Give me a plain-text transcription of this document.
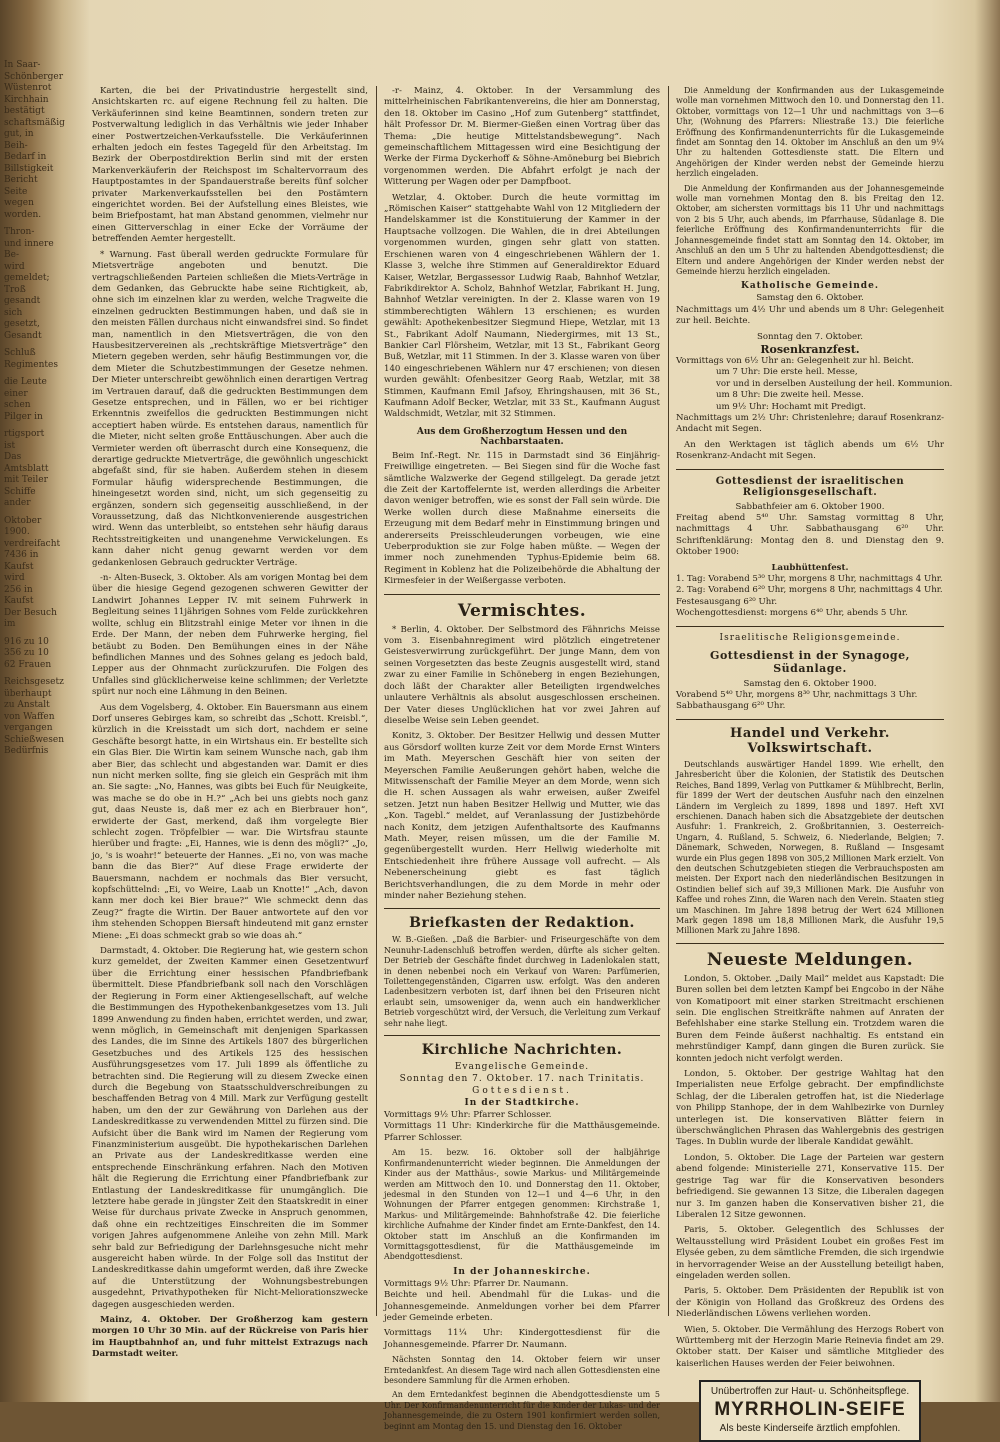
In Saar-
Schönberger
Wüstenrot
Kirchhain
bestätigt
schaftsmäßig
gut, in Beih-
Bedarf in
Billstigkeit
Bericht
Seite wegen
worden.

Thron-
und innere
Be-
wird gemeldet;
Troß gesandt
sich gesetzt,
Gesandt

Schluß
Regimentes

die Leute einer
schen Pilger in

rtigsport ist
Das Amtsblatt
mit Teiler
Schiffe ander

Oktober 1900.
verdreifacht
7436 in Kaufst
wird
256 in Kaufst
Der Besuch im

916 zu 10
356 zu 10
62 Frauen

Reichsgesetz
überhaupt
zu Anstalt
von Waffen
vergangen
Schießwesen
Bedürfnis

Karten, die bei der Privatindustrie hergestellt sind, Ansichtskarten rc. auf eigene Rechnung feil zu halten. Die Verkäuferinnen sind keine Beamtinnen, sondern treten zur Postverwaltung lediglich in das Verhältnis wie jeder Inhaber einer Postwertzeichen-Verkaufsstelle. Die Verkäuferinnen erhalten jedoch ein festes Tagegeld für den Arbeitstag. Im Bezirk der Oberpostdirektion Berlin sind mit der ersten Markenverkäuferin der Reichspost im Schaltervorraum des Hauptpostamtes in der Spandauerstraße bereits fünf solcher privater Markenverkaufsstellen bei den Postämtern eingerichtet worden. Bei der Aufstellung eines Bleistes, wie beim Briefpostamt, hat man Abstand genommen, vielmehr nur einen Gitterverschlag in einer Ecke der Vorräume der betreffenden Aemter hergestellt.

* Warnung. Fast überall werden gedruckte Formulare für Mietsverträge angeboten und benutzt. Die vertragschließenden Parteien schließen die Miets-Verträge in dem Gedanken, das Gebruckte habe seine Richtigkeit, ab, ohne sich im einzelnen klar zu werden, welche Tragweite die einzelnen gedruckten Bestimmungen haben, und daß sie in den meisten Fällen durchaus nicht einwandsfrei sind. So findet man, namentlich in den Mietsverträgen, die von den Hausbesitzervereinen als „rechtskräftige Mietsverträge“ den Mietern gegeben werden, sehr häufig Bestimmungen vor, die dem Mieter die Schutzbestimmungen der Gesetze nehmen. Der Mieter unterschreibt gewöhnlich einen derartigen Vertrag im Vertrauen darauf, daß die gedruckten Bestimmungen dem Gesetze entsprechen, und in Fällen, wo er bei richtiger Erkenntnis zweifellos die gedruckten Bestimmungen nicht acceptiert haben würde. Es entstehen daraus, namentlich für die Mieter, nicht selten große Enttäuschungen. Aber auch die Vermieter werden oft überrascht durch eine Konsequenz, die derartige gedruckte Mietverträge, die gewöhnlich ungeschickt abgefaßt sind, für sie haben. Außerdem stehen in diesem Formular häufig widersprechende Bestimmungen, die hineingesetzt worden sind, nicht, um sich gegenseitig zu ergänzen, sondern sich gegenseitig ausschließend, in der Voraussetzung, daß das Nichtkonvenierende ausgestrichen wird. Wenn das unterbleibt, so entstehen sehr häufig daraus Rechtsstreitigkeiten und unangenehme Verwickelungen. Es kann daher nicht genug gewarnt werden vor dem gedankenlosen Gebrauch gedruckter Verträge.

-n- Alten-Buseck, 3. Oktober. Als am vorigen Montag bei dem über die hiesige Gegend gezogenen schweren Gewitter der Landwirt Johannes Lepper IV. mit seinem Fuhrwerk in Begleitung seines 11jährigen Sohnes vom Felde zurückkehren wollte, schlug ein Blitzstrahl einige Meter vor ihnen in die Erde. Der Mann, der neben dem Fuhrwerke herging, fiel betäubt zu Boden. Den Bemühungen eines in der Nähe befindlichen Mannes und des Sohnes gelang es jedoch bald, Lepper aus der Ohnmacht zurückzurufen. Die Folgen des Unfalles sind glücklicherweise keine schlimmen; der Verletzte spürt nur noch eine Lähmung in den Beinen.

Aus dem Vogelsberg, 4. Oktober. Ein Bauersmann aus einem Dorf unseres Gebirges kam, so schreibt das „Schott. Kreisbl.“, kürzlich in die Kreisstadt um sich dort, nachdem er seine Geschäfte besorgt hatte, in ein Wirtshaus ein. Er bestellte sich ein Glas Bier. Die Wirtin kam seinem Wunsche nach, gab ihm aber Bier, das schlecht und abgestanden war. Damit er dies nun nicht merken sollte, fing sie gleich ein Gespräch mit ihm an. Sie sagte: „No, Hannes, was gibts bei Euch für Neuigkeite, was mache se do obe in H.?“ „Ach bei uns giebts noch ganz gut, daas Neuste is, daß mer ez ach en Bierbrauer hon“, erwiderte der Gast, merkend, daß ihm vorgelegte Bier schlecht zogen. Tröpfelbier — war. Die Wirtsfrau staunte hierüber und fragte: „Ei, Hannes, wie is denn des mögli?“ „Jo, jo, 's is woahr!“ beteuerte der Hannes. „Ei no, von was mache bann die das Bier?“ Auf diese Frage erwiderte der Bauersmann, nachdem er nochmals das Bier versucht, kopfschüttelnd: „Ei, vo Weire, Laab un Knotte!“ „Ach, davon kann mer doch kei Bier braue?“ Wie schmeckt denn das Zeug?“ fragte die Wirtin. Der Bauer antwortete auf den vor ihm stehenden Schoppen Biersaft hindeutend mit ganz ernster Miene: „Ei doas schmeckt grab so wie doas ah.“

Darmstadt, 4. Oktober. Die Regierung hat, wie gestern schon kurz gemeldet, der Zweiten Kammer einen Gesetzentwurf über die Errichtung einer hessischen Pfandbriefbank übermittelt. Diese Pfandbriefbank soll nach den Vorschlägen der Regierung in Form einer Aktiengesellschaft, auf welche die Bestimmungen des Hypothekenbankgesetzes vom 13. Juli 1899 Anwendung zu finden haben, errichtet werden, und zwar, wenn möglich, in Gemeinschaft mit denjenigen Sparkassen des Landes, die im Sinne des Artikels 1807 des bürgerlichen Gesetzbuches und des Artikels 125 des hessischen Ausführungsgesetzes vom 17. Juli 1899 als öffentliche zu betrachten sind. Die Regierung will zu diesem Zwecke einen durch die Begebung von Staatsschuldverschreibungen zu beschaffenden Betrag von 4 Mill. Mark zur Verfügung gestellt haben, um den der zur Gewährung von Darlehen aus der Landeskreditkasse zu verwendenden Mittel zu fürzen sind. Die Aufsicht über die Bank wird im Namen der Regierung vom Finanzministerium ausgeübt. Die hypothekarischen Darlehen an Private aus der Landeskreditkasse werden eine entsprechende Einschränkung erfahren. Nach den Motiven hält die Regierung die Errichtung einer Pfandbriefbank zur Entlastung der Landeskreditkasse für unumgänglich. Die letztere habe gerade in jüngster Zeit den Staatskredit in einer Weise für durchaus private Zwecke in Anspruch genommen, daß ohne ein rechtzeitiges Einschreiten die im Sommer vorigen Jahres aufgenommene Anleihe von zehn Mill. Mark sehr bald zur Befriedigung der Darlehnsgesuche nicht mehr ausgereicht haben würde. In der Folge soll das Institut der Landeskreditkasse dahin umgeformt werden, daß ihre Zwecke auf die Unterstützung der Wohnungsbestrebungen ausgedehnt, Privathypotheken für Nicht-Meliorationszwecke dagegen ausgeschieden werden.

Mainz, 4. Oktober. Der Großherzog kam gestern morgen 10 Uhr 30 Min. auf der Rückreise von Paris hier im Hauptbahnhof an, und fuhr mittelst Extrazugs nach Darmstadt weiter.

-r- Mainz, 4. Oktober. In der Versammlung des mittelrheinischen Fabrikantenvereins, die hier am Donnerstag, den 18. Oktober im Casino „Hof zum Gutenberg“ stattfindet, hält Professor Dr. M. Biermer-Gießen einen Vortrag über das Thema: „Die heutige Mittelstandsbewegung“. Nach gemeinschaftlichem Mittagessen wird eine Besichtigung der Werke der Firma Dyckerhoff & Söhne-Amöneburg bei Biebrich vorgenommen werden. Die Abfahrt erfolgt je nach der Witterung per Wagen oder per Dampfboot.

Wetzlar, 4. Oktober. Durch die heute vormittag im „Römischen Kaiser“ stattgehabte Wahl von 12 Mitgliedern der Handelskammer ist die Konstituierung der Kammer in der Hauptsache vollzogen. Die Wahlen, die in drei Abteilungen vorgenommen wurden, gingen sehr glatt von statten. Erschienen waren von 4 eingeschriebenen Wählern der 1. Klasse 3, welche ihre Stimmen auf Generaldirektor Eduard Kaiser, Wetzlar, Bergassessor Ludwig Raab, Bahnhof Wetzlar, Fabrikdirektor A. Scholz, Bahnhof Wetzlar, Fabrikant H. Jung, Bahnhof Wetzlar vereinigten. In der 2. Klasse waren von 19 stimmberechtigten Wählern 13 erschienen; es wurden gewählt: Apothekenbesitzer Siegmund Hiepe, Wetzlar, mit 13 St., Fabrikant Adolf Naumann, Niedergirmes, mit 13 St., Bankier Carl Flörsheim, Wetzlar, mit 13 St., Fabrikant Georg Buß, Wetzlar, mit 11 Stimmen. In der 3. Klasse waren von über 140 eingeschriebenen Wählern nur 47 erschienen; von diesen wurden gewählt: Ofenbesitzer Georg Raab, Wetzlar, mit 38 Stimmen, Kaufmann Emil Jafsoy, Ehringshausen, mit 36 St., Kaufmann Adolf Becker, Wetzlar, mit 33 St., Kaufmann August Waldschmidt, Wetzlar, mit 32 Stimmen.

Aus dem Großherzogtum Hessen und den Nachbarstaaten.

Beim Inf.-Regt. Nr. 115 in Darmstadt sind 36 Einjährig-Freiwillige eingetreten. — Bei Siegen sind für die Woche fast sämtliche Walzwerke der Gegend stillgelegt. Da gerade jetzt die Zeit der Kartoffelernte ist, werden allerdings die Arbeiter davon weniger betroffen, wie es sonst der Fall sein würde. Die Werke wollen durch diese Maßnahme einerseits die Erzeugung mit dem Bedarf mehr in Einstimmung bringen und andererseits Preisschleuderungen vorbeugen, wie eine Ueberproduktion sie zur Folge haben müßte. — Wegen der immer noch zunehmenden Typhus-Epidemie beim 68. Regiment in Koblenz hat die Polizeibehörde die Abhaltung der Kirmesfeier in der Weißergasse verboten.

Vermischtes.

* Berlin, 4. Oktober. Der Selbstmord des Fähnrichs Meisse vom 3. Eisenbahnregiment wird plötzlich eingetretener Geistesverwirrung zurückgeführt. Der junge Mann, dem von seinen Vorgesetzten das beste Zeugnis ausgestellt wird, stand zwar zu einer Familie in Schöneberg in engen Beziehungen, doch läßt der Charakter aller Beteiligten irgendwelches unlautere Verhältnis als absolut ausgeschlossen erscheinen. Der Vater dieses Unglücklichen hat vor zwei Jahren auf dieselbe Weise sein Leben geendet.

Konitz, 3. Oktober. Der Besitzer Hellwig und dessen Mutter aus Görsdorf wollten kurze Zeit vor dem Morde Ernst Winters im Math. Meyerschen Geschäft hier von seiten der Meyerschen Familie Aeußerungen gehört haben, welche die Mitwissenschaft der Familie Meyer an dem Morde, wenn sich die H. schen Aussagen als wahr erweisen, außer Zweifel setzen. Jetzt nun haben Besitzer Hellwig und Mutter, wie das „Kon. Tagebl.“ meldet, auf Veranlassung der Justizbehörde nach Konitz, dem jetzigen Aufenthaltsorte des Kaufmanns Math. Meyer, reisen müssen, um die der Familie M. gegenübergestellt wurden. Herr Hellwig wiederholte mit Entschiedenheit ihre frühere Aussage voll aufrecht. — Als Nebenerscheinung giebt es fast täglich Berichtsverhandlungen, die zu dem Morde in mehr oder minder naher Beziehung stehen.

Briefkasten der Redaktion.

W. B.-Gießen. „Daß die Barbier- und Friseurgeschäfte von dem Neunuhr-Ladenschluß betroffen werden, dürfte als sicher gelten. Der Betrieb der Geschäfte findet durchweg in Ladenlokalen statt, in denen nebenbei noch ein Verkauf von Waren: Parfümerien, Toilettengegenständen, Cigarren usw. erfolgt. Was den anderen Ladenbesitzern verboten ist, darf ihnen bei den Friseuren nicht erlaubt sein, umsoweniger da, wenn auch ein handwerklicher Betrieb vorgeschützt wird, der Versuch, die Verleitung zum Verkauf sehr nahe liegt.

Kirchliche Nachrichten.
Evangelische Gemeinde.
Sonntag den 7. Oktober. 17. nach Trinitatis.
Gottesdienst.
In der Stadtkirche.

Vormittags 9½ Uhr: Pfarrer Schlosser.

Vormittags 11 Uhr: Kinderkirche für die Matthäusgemeinde. Pfarrer Schlosser.

Am 15. bezw. 16. Oktober soll der halbjährige Konfirmandenunterricht wieder beginnen. Die Anmeldungen der Kinder aus der Matthäus-, sowie Markus- und Militärgemeinde werden am Mittwoch den 10. und Donnerstag den 11. Oktober, jedesmal in den Stunden von 12—1 und 4—6 Uhr, in den Wohnungen der Pfarrer entgegen genommen: Kirchstraße 1, Markus- und Militärgemeinde: Bahnhofstraße 42. Die feierliche kirchliche Aufnahme der Kinder findet am Ernte-Dankfest, den 14. Oktober statt im Anschluß an die Konfirmanden im Vormittagsgottesdienst, für die Matthäusgemeinde im Abendgottesdienst.

In der Johanneskirche.

Vormittags 9½ Uhr: Pfarrer Dr. Naumann.

Beichte und heil. Abendmahl für die Lukas- und die Johannesgemeinde. Anmeldungen vorher bei dem Pfarrer jeder Gemeinde erbeten.

Vormittags 11¼ Uhr: Kindergottesdienst für die Johannesgemeinde. Pfarrer Dr. Naumann.

Nächsten Sonntag den 14. Oktober feiern wir unser Erntedankfest. An diesem Tage wird nach allen Gottesdiensten eine besondere Sammlung für die Armen erhoben.

An dem Erntedankfest beginnen die Abendgottesdienste um 5 Uhr. Der Konfirmandenunterricht für die Kinder der Lukas- und der Johannesgemeinde, die zu Ostern 1901 konfirmiert werden sollen, beginnt am Montag den 15. und Dienstag den 16. Oktober

Die Anmeldung der Konfirmanden aus der Lukasgemeinde wolle man vornehmen Mittwoch den 10. und Donnerstag den 11. Oktober, vormittags von 12—1 Uhr und nachmittags von 3—6 Uhr, (Wohnung des Pfarrers: Nliestraße 13.) Die feierliche Eröffnung des Konfirmandenunterrichts für die Lukasgemeinde findet am Sonntag den 14. Oktober im Anschluß an den um 9¼ Uhr zu haltenden Gottesdienste statt. Die Eltern und Angehörigen der Kinder werden nebst der Gemeinde hierzu herzlich eingeladen.

Die Anmeldung der Konfirmanden aus der Johannesgemeinde wolle man vornehmen Montag den 8. bis Freitag den 12. Oktober, am sichersten vormittags bis 11 Uhr und nachmittags von 2 bis 5 Uhr, auch abends, im Pfarrhause, Südanlage 8. Die feierliche Eröffnung des Konfirmandenunterrichts für die Johannesgemeinde findet statt am Sonntag den 14. Oktober, im Anschluß an den um 5 Uhr zu haltenden Abendgottesdienst; die Eltern und andere Angehörigen der Kinder werden nebst der Gemeinde hierzu herzlich eingeladen.

Katholische Gemeinde.

Samstag den 6. Oktober.

Nachmittags um 4½ Uhr und abends um 8 Uhr: Gelegenheit zur heil. Beichte.

Sonntag den 7. Oktober.

Rosenkranzfest.

Vormittags von 6½ Uhr an: Gelegenheit zur hl. Beicht.

um 7 Uhr: Die erste heil. Messe,

vor und in derselben Austeilung der heil. Kommunion.

um 8 Uhr: Die zweite heil. Messe.

um 9½ Uhr: Hochamt mit Predigt.

Nachmittags um 2½ Uhr: Christenlehre; darauf Rosenkranz-Andacht mit Segen.

An den Werktagen ist täglich abends um 6½ Uhr Rosenkranz-Andacht mit Segen.

Gottesdienst der israelitischen Religionsgesellschaft.

Sabbathfeier am 6. Oktober 1900.

Freitag abend 5⁴⁰ Uhr. Samstag vormittag 8 Uhr, nachmittags 4 Uhr. Sabbathausgang 6²⁰ Uhr. Schriftenklärung: Montag den 8. und Dienstag den 9. Oktober 1900:

Laubhüttenfest.

1. Tag: Vorabend 5³⁰ Uhr, morgens 8 Uhr, nachmittags 4 Uhr.

2. Tag: Vorabend 6²⁰ Uhr, morgens 8 Uhr, nachmittags 4 Uhr.

Festesausgang 6²⁰ Uhr.

Wochengottesdienst: morgens 6⁴⁰ Uhr, abends 5 Uhr.

Israelitische Religionsgemeinde.
Gottesdienst in der Synagoge, Südanlage.

Samstag den 6. Oktober 1900.

Vorabend 5⁴⁰ Uhr, morgens 8³⁰ Uhr, nachmittags 3 Uhr.

Sabbathausgang 6²⁰ Uhr.

Handel und Verkehr. Volkswirtschaft.

Deutschlands auswärtiger Handel 1899. Wie erhellt, den Jahresbericht über die Kolonien, der Statistik des Deutschen Reiches, Band 1899, Verlag von Puttkamer & Mühlbrecht, Berlin, für 1899 der Wert der deutschen Ausfuhr nach den einzelnen Ländern im Vergleich zu 1899, 1898 und 1897. Heft XVI erschienen. Danach haben sich die Absatzgebiete der deutschen Ausfuhr: 1. Frankreich, 2. Großbritannien, 3. Oesterreich-Ungarn, 4. Rußland, 5. Schweiz, 6. Niederlande, Belgien; 7. Dänemark, Schweden, Norwegen, 8. Rußland — Insgesamt wurde ein Plus gegen 1898 von 305,2 Millionen Mark erzielt. Von den deutschen Schutzgebieten stiegen die Verbrauchsposten am meisten. Der Export nach den niederländischen Besitzungen in Ostindien belief sich auf 39,3 Millionen Mark. Die Ausfuhr von Kaffee und rohes Zinn, die Waren nach den Verein. Staaten stieg um Maschinen. Im Jahre 1898 betrug der Wert 624 Millionen Mark gegen 1898 um 18,8 Millionen Mark, die Ausfuhr 19,5 Millionen Mark zu Jahre 1898.

Neueste Meldungen.

London, 5. Oktober. „Daily Mail“ meldet aus Kapstadt: Die Buren sollen bei dem letzten Kampf bei Engcobo in der Nähe von Komatipoort mit einer starken Streitmacht erschienen sein. Die englischen Streitkräfte nahmen auf Anraten der Befehlshaber eine starke Stellung ein. Trotzdem waren die Buren dem Feinde äußerst nachhaltig. Es entstand ein mehrstündiger Kampf, dann gingen die Buren zurück. Sie konnten jedoch nicht verfolgt werden.

London, 5. Oktober. Der gestrige Wahltag hat den Imperialisten neue Erfolge gebracht. Der empfindlichste Schlag, der die Liberalen getroffen hat, ist die Niederlage von Philipp Stanhope, der in dem Wahlbezirke von Durnley unterlegen ist. Die konservativen Blätter feiern in überschwänglichen Phrasen das Wahlergebnis des gestrigen Tages. In Dublin wurde der liberale Kandidat gewählt.

London, 5. Oktober. Die Lage der Parteien war gestern abend folgende: Ministerielle 271, Konservative 115. Der gestrige Tag war für die Konservativen besonders befriedigend. Sie gewannen 13 Sitze, die Liberalen dagegen nur 3. Im ganzen haben die Konservativen bisher 21, die Liberalen 12 Sitze gewonnen.

Paris, 5. Oktober. Gelegentlich des Schlusses der Weltausstellung wird Präsident Loubet ein großes Fest im Elysée geben, zu dem sämtliche Fremden, die sich irgendwie in hervorragender Weise an der Ausstellung beteiligt haben, eingeladen werden sollen.

Paris, 5. Oktober. Dem Präsidenten der Republik ist von der Königin von Holland das Großkreuz des Ordens des Niederländischen Löwens verliehen worden.

Wien, 5. Oktober. Die Vermählung des Herzogs Robert von Württemberg mit der Herzogin Marie Reinevia findet am 29. Oktober statt. Der Kaiser und sämtliche Mitglieder des kaiserlichen Hauses werden der Feier beiwohnen.

Unübertroffen zur Haut- u. Schönheitspflege.
MYRRHOLIN-SEIFE
Als beste Kinderseife ärztlich empfohlen.
